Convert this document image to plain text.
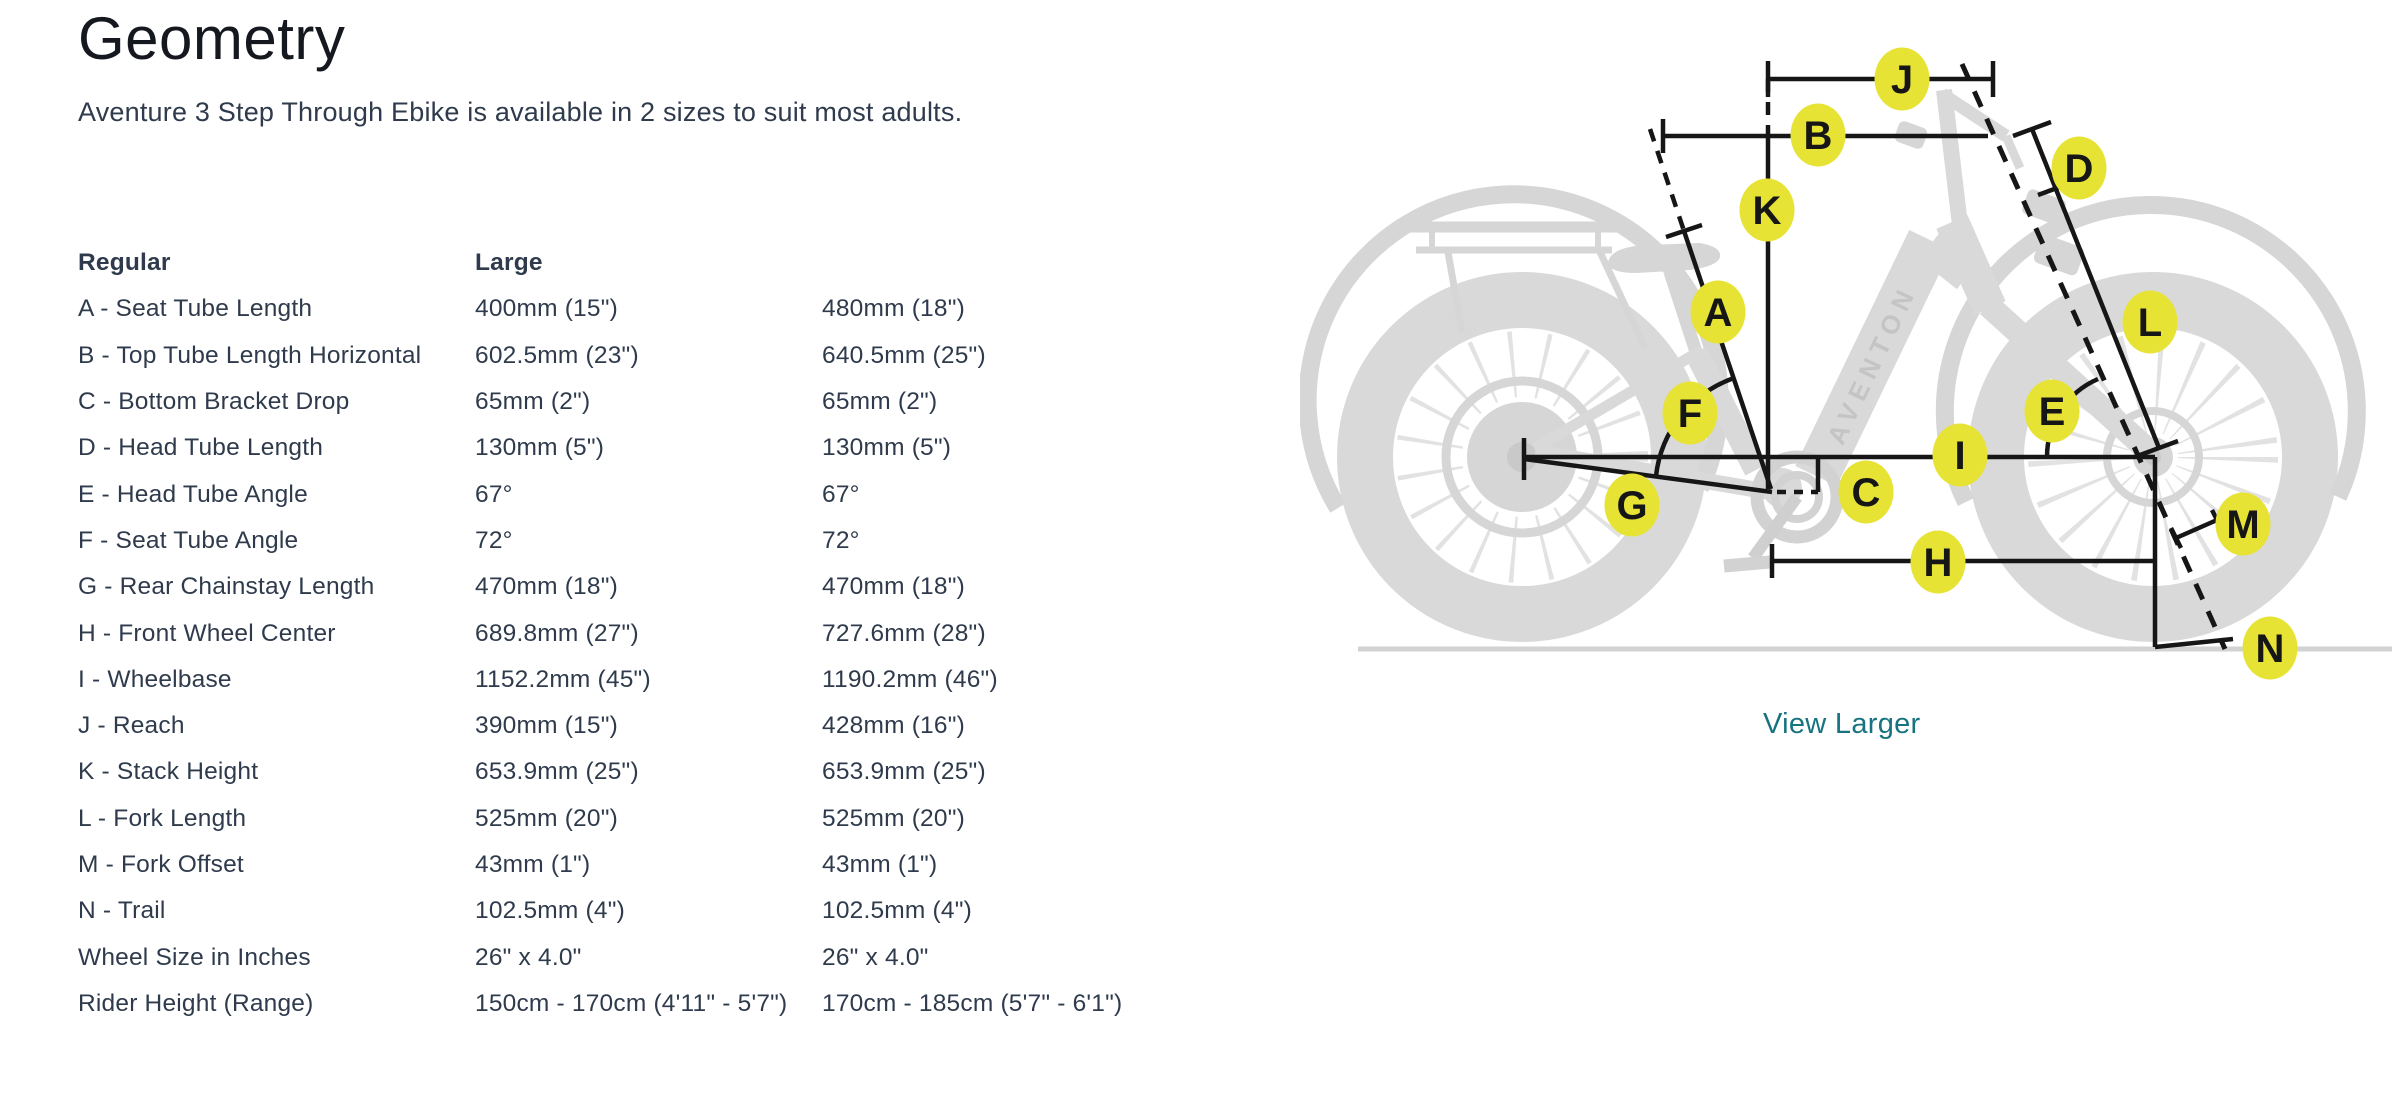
Geometry
Aventure 3 Step Through Ebike is available in 2 sizes to suit most adults.
Regular	Large
A - Seat Tube Length	400mm (15")	480mm (18")
B - Top Tube Length Horizontal	602.5mm (23")	640.5mm (25")
C - Bottom Bracket Drop	65mm (2")	65mm (2")
D - Head Tube Length	130mm (5")	130mm (5")
E - Head Tube Angle	67°	67°
F - Seat Tube Angle	72°	72°
G - Rear Chainstay Length	470mm (18")	470mm (18")
H - Front Wheel Center	689.8mm (27")	727.6mm (28")
I - Wheelbase	1152.2mm (45")	1190.2mm (46")
J - Reach	390mm (15")	428mm (16")
K - Stack Height	653.9mm (25")	653.9mm (25")
L - Fork Length	525mm (20")	525mm (20")
M - Fork Offset	43mm (1")	43mm (1")
N - Trail	102.5mm (4")	102.5mm (4")
Wheel Size in Inches	26" x 4.0"	26" x 4.0"
Rider Height (Range)	150cm - 170cm (4'11" - 5'7")	170cm - 185cm (5'7" - 6'1")
AVENTON
A
B
C
D
E
F
G
H
I
J
K
L
M
N
View Larger
